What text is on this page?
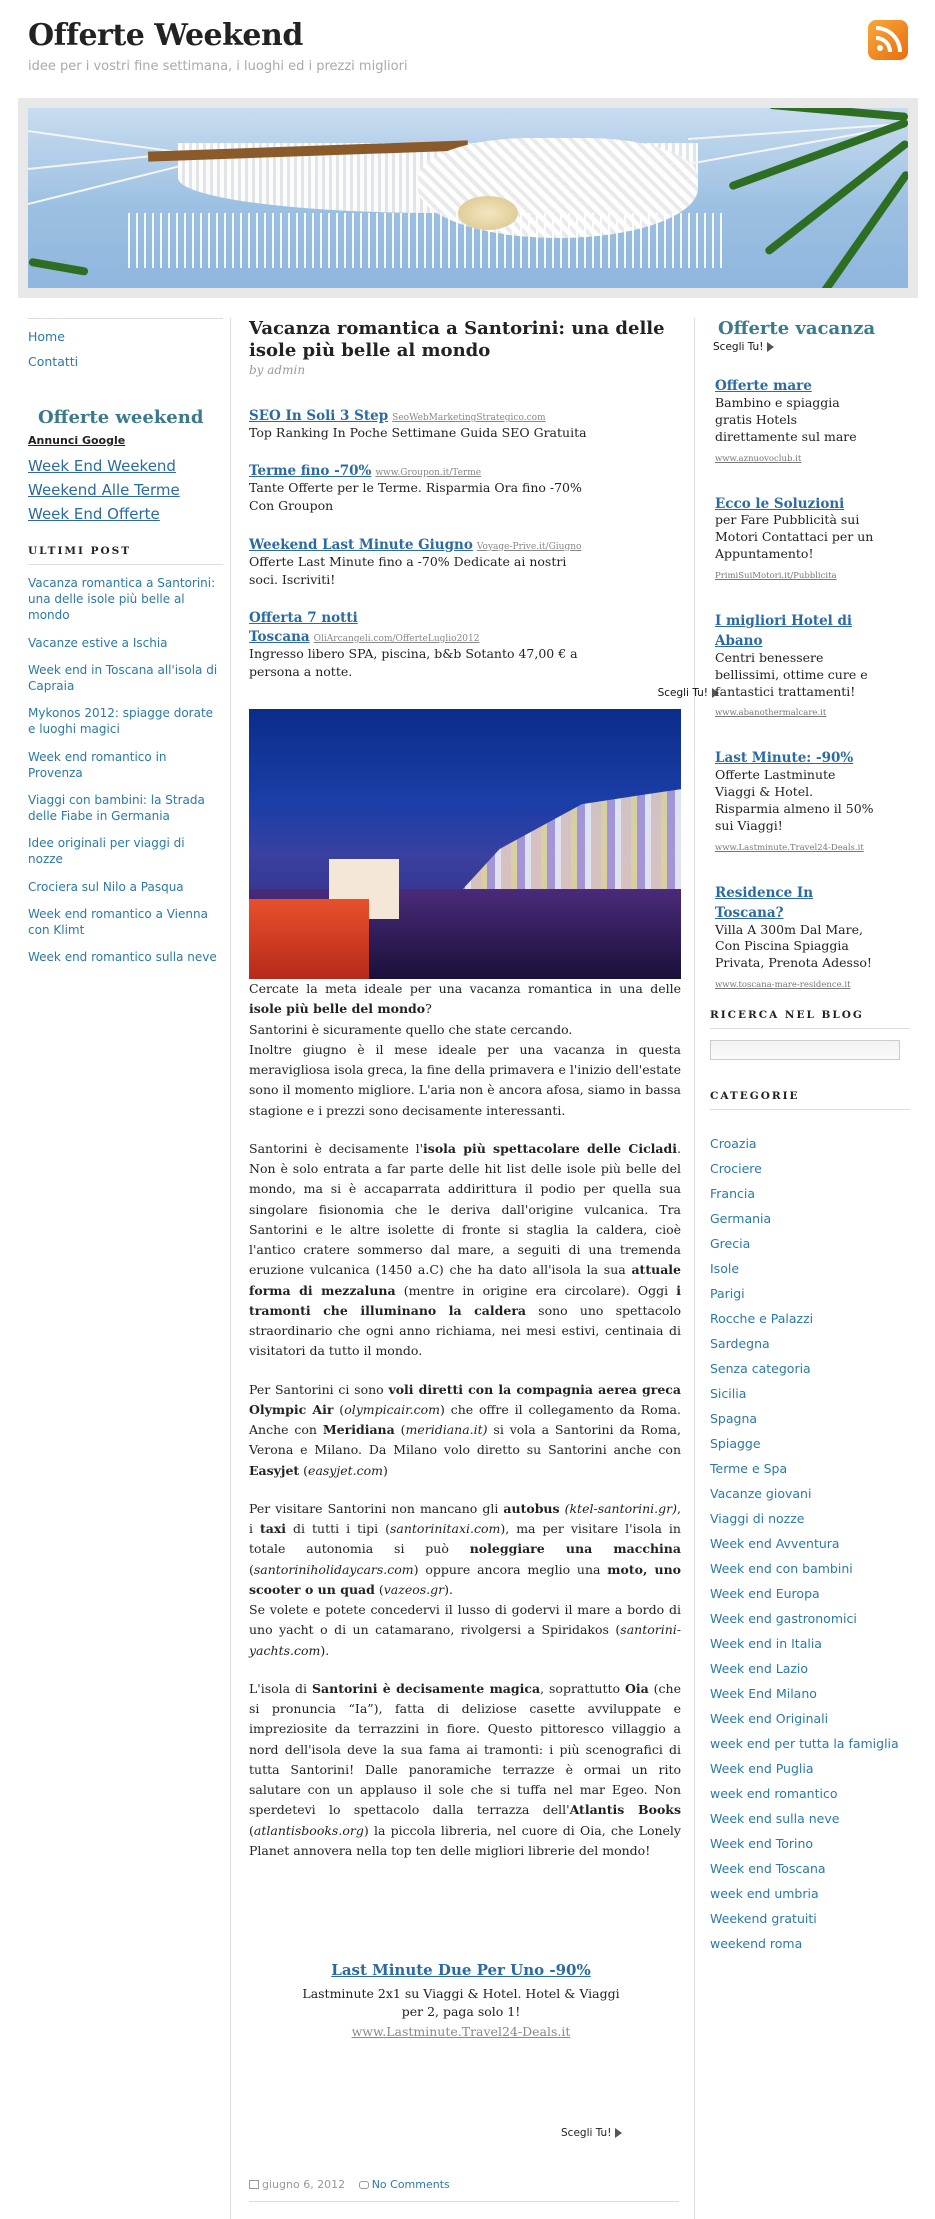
Offerte Weekend
idee per i vostri fine settimana, i luoghi ed i prezzi migliori
Home
Contatti
Offerte weekend
Annunci Google
Week End Weekend
Weekend Alle Terme
Week End Offerte
ULTIMI POST
Vacanza romantica a Santorini: una delle isole più belle al mondo
Vacanze estive a Ischia
Week end in Toscana all'isola di Capraia
Mykonos 2012: spiagge dorate e luoghi magici
Week end romantico in Provenza
Viaggi con bambini: la Strada delle Fiabe in Germania
Idee originali per viaggi di nozze
Crociera sul Nilo a Pasqua
Week end romantico a Vienna con Klimt
Week end romantico sulla neve
Vacanza romantica a Santorini: una delle isole più belle al mondo
by admin
SEO In Soli 3 Step SeoWebMarketingStrategico.com
Top Ranking In Poche Settimane Guida SEO Gratuita
Terme fino -70% www.Groupon.it/Terme
Tante Offerte per le Terme. Risparmia Ora fino -70% Con Groupon
Weekend Last Minute Giugno Voyage-Prive.it/Giugno
Offerte Last Minute fino a -70% Dedicate ai nostri soci. Iscriviti!
Offerta 7 notti Toscana OliArcangeli.com/OfferteLuglio2012
Ingresso libero SPA, piscina, b&b Sotanto 47,00 € a persona a notte.
Scegli Tu!

Cercate la meta ideale per una vacanza romantica in una delle isole più belle del mondo?
Santorini è sicuramente quello che state cercando.
Inoltre giugno è il mese ideale per una vacanza in questa meravigliosa isola greca, la fine della primavera e l'inizio dell'estate sono il momento migliore. L'aria non è ancora afosa, siamo in bassa stagione e i prezzi sono decisamente interessanti.

Santorini è decisamente l'isola più spettacolare delle Cicladi. Non è solo entrata a far parte delle hit list delle isole più belle del mondo, ma si è accaparrata addirittura il podio per quella sua singolare fisionomia che le deriva dall'origine vulcanica. Tra Santorini e le altre isolette di fronte si staglia la caldera, cioè l'antico cratere sommerso dal mare, a seguiti di una tremenda eruzione vulcanica (1450 a.C) che ha dato all'isola la sua attuale forma di mezzaluna (mentre in origine era circolare). Oggi i tramonti che illuminano la caldera sono uno spettacolo straordinario che ogni anno richiama, nei mesi estivi, centinaia di visitatori da tutto il mondo.

Per Santorini ci sono voli diretti con la compagnia aerea greca Olympic Air (olympicair.com) che offre il collegamento da Roma. Anche con Meridiana (meridiana.it) si vola a Santorini da Roma, Verona e Milano. Da Milano volo diretto su Santorini anche con Easyjet (easyjet.com)

Per visitare Santorini non mancano gli autobus (ktel-santorini.gr), i taxi di tutti i tipi (santorinitaxi.com), ma per visitare l'isola in totale autonomia si può noleggiare una macchina (santoriniholidaycars.com) oppure ancora meglio una moto, uno scooter o un quad (vazeos.gr).
Se volete e potete concedervi il lusso di godervi il mare a bordo di uno yacht o di un catamarano, rivolgersi a Spiridakos (santorini-yachts.com).

L'isola di Santorini è decisamente magica, soprattutto Oia (che si pronuncia “Ia”), fatta di deliziose casette avviluppate e impreziosite da terrazzini in fiore. Questo pittoresco villaggio a nord dell'isola deve la sua fama ai tramonti: i più scenografici di tutta Santorini! Dalle panoramiche terrazze è ormai un rito salutare con un applauso il sole che si tuffa nel mar Egeo. Non sperdetevi lo spettacolo dalla terrazza dell'Atlantis Books (atlantisbooks.org) la piccola libreria, nel cuore di Oia, che Lonely Planet annovera nella top ten delle migliori librerie del mondo!

Last Minute Due Per Uno -90%
Lastminute 2x1 su Viaggi & Hotel. Hotel & Viaggi per 2, paga solo 1!
www.Lastminute.Travel24-Deals.it
Scegli Tu!
giugno 6, 2012 No Comments
Offerte vacanza
Scegli Tu!
Offerte mare
Bambino e spiaggia gratis Hotels direttamente sul mare
www.aznuovoclub.it
Ecco le Soluzioni
per Fare Pubblicità sui Motori Contattaci per un Appuntamento!
PrimiSuiMotori.it/Pubblicita
I migliori Hotel di Abano
Centri benessere bellissimi, ottime cure e fantastici trattamenti!
www.abanothermalcare.it
Last Minute: -90%
Offerte Lastminute Viaggi & Hotel. Risparmia almeno il 50% sui Viaggi!
www.Lastminute.Travel24-Deals.it
Residence In Toscana?
Villa A 300m Dal Mare, Con Piscina Spiaggia Privata, Prenota Adesso!
www.toscana-mare-residence.it
RICERCA NEL BLOG
CATEGORIE
Croazia
Crociere
Francia
Germania
Grecia
Isole
Parigi
Rocche e Palazzi
Sardegna
Senza categoria
Sicilia
Spagna
Spiagge
Terme e Spa
Vacanze giovani
Viaggi di nozze
Week end Avventura
Week end con bambini
Week end Europa
Week end gastronomici
Week end in Italia
Week end Lazio
Week End Milano
Week end Originali
week end per tutta la famiglia
Week end Puglia
week end romantico
Week end sulla neve
Week end Torino
Week end Toscana
week end umbria
Weekend gratuiti
weekend roma
